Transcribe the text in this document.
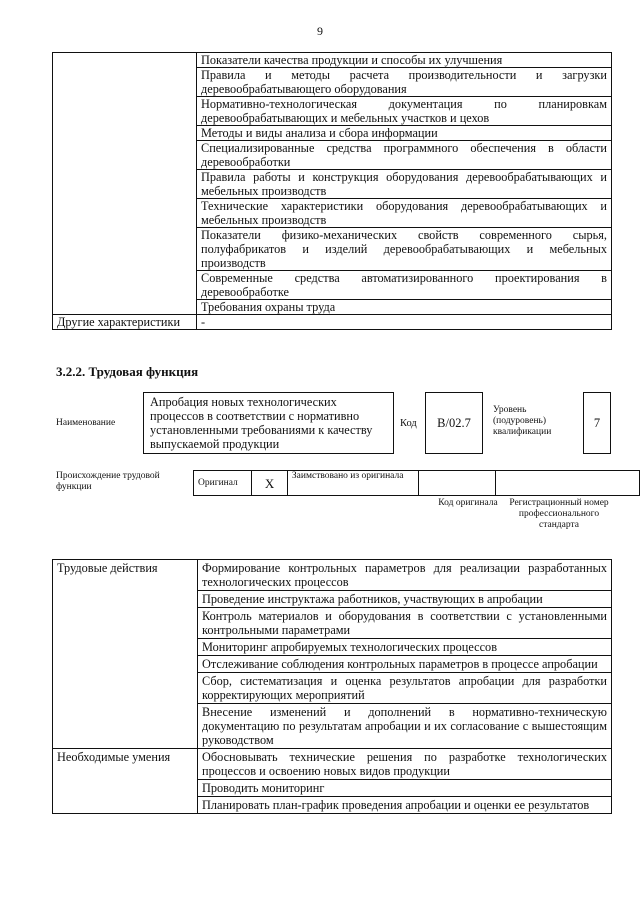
9
	Показатели качества продукции и способы их улучшения
	Правила и методы расчета производительности и загрузки деревообрабатывающего оборудования
	Нормативно-технологическая документация по планировкам деревообрабатывающих и мебельных участков и цехов
	Методы и виды анализа и сбора информации
	Специализированные средства программного обеспечения в области деревообработки
	Правила работы и конструкция оборудования деревообрабатывающих и мебельных производств
	Технические характеристики оборудования деревообрабатывающих и мебельных производств
	Показатели физико-механических свойств современного сырья, полуфабрикатов и изделий деревообрабатывающих и мебельных производств
	Современные средства автоматизированного проектирования в деревообработке
	Требования охраны труда
Другие характеристики	-
3.2.2. Трудовая функция
Наименование
Апробация новых технологических процессов в соответствии с нормативно установленными требованиями к качеству выпускаемой продукции
Код	B/02.7
Уровень (подуровень) квалификации
7
Происхождение трудовой функции	Оригинал	X	Заимствовано из оригинала		
Код оригинала	Регистрационный номер профессионального стандарта
Трудовые действия	Формирование контрольных параметров для реализации разработанных технологических процессов
	Проведение инструктажа работников, участвующих в апробации
	Контроль материалов и оборудования в соответствии с установленными контрольными параметрами
	Мониторинг апробируемых технологических процессов
	Отслеживание соблюдения контрольных параметров в процессе апробации
	Сбор, систематизация и оценка результатов апробации для разработки корректирующих мероприятий
	Внесение изменений и дополнений в нормативно-техническую документацию по результатам апробации и их согласование с вышестоящим руководством
Необходимые умения	Обосновывать технические решения по разработке технологических процессов и освоению новых видов продукции
	Проводить мониторинг
	Планировать план-график проведения апробации и оценки ее результатов
